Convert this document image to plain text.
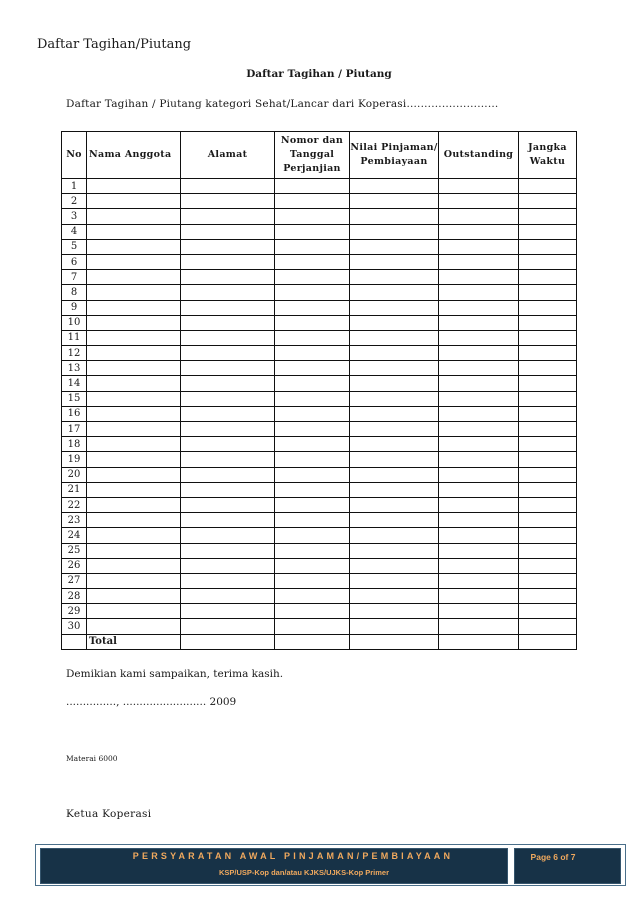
Daftar Tagihan/Piutang
Daftar Tagihan / Piutang
Daftar Tagihan / Piutang kategori Sehat/Lancar dari Koperasi..........................
No	Nama Anggota	Alamat	Nomor dan Tanggal Perjanjian	Nilai Pinjaman/ Pembiayaan	Outstanding	Jangka Waktu
1						
2						
3						
4						
5						
6						
7						
8						
9						
10						
11						
12						
13						
14						
15						
16						
17						
18						
19						
20						
21						
22						
23						
24						
25						
26						
27						
28						
29						
30						
	Total					
Demikian kami sampaikan, terima kasih.
..............., ......................... 2009
Materai 6000
Ketua Koperasi
PERSYARATAN AWAL PINJAMAN/PEMBIAYAAN
KSP/USP-Kop dan/atau KJKS/UJKS-Kop Primer
Page 6 of 7
